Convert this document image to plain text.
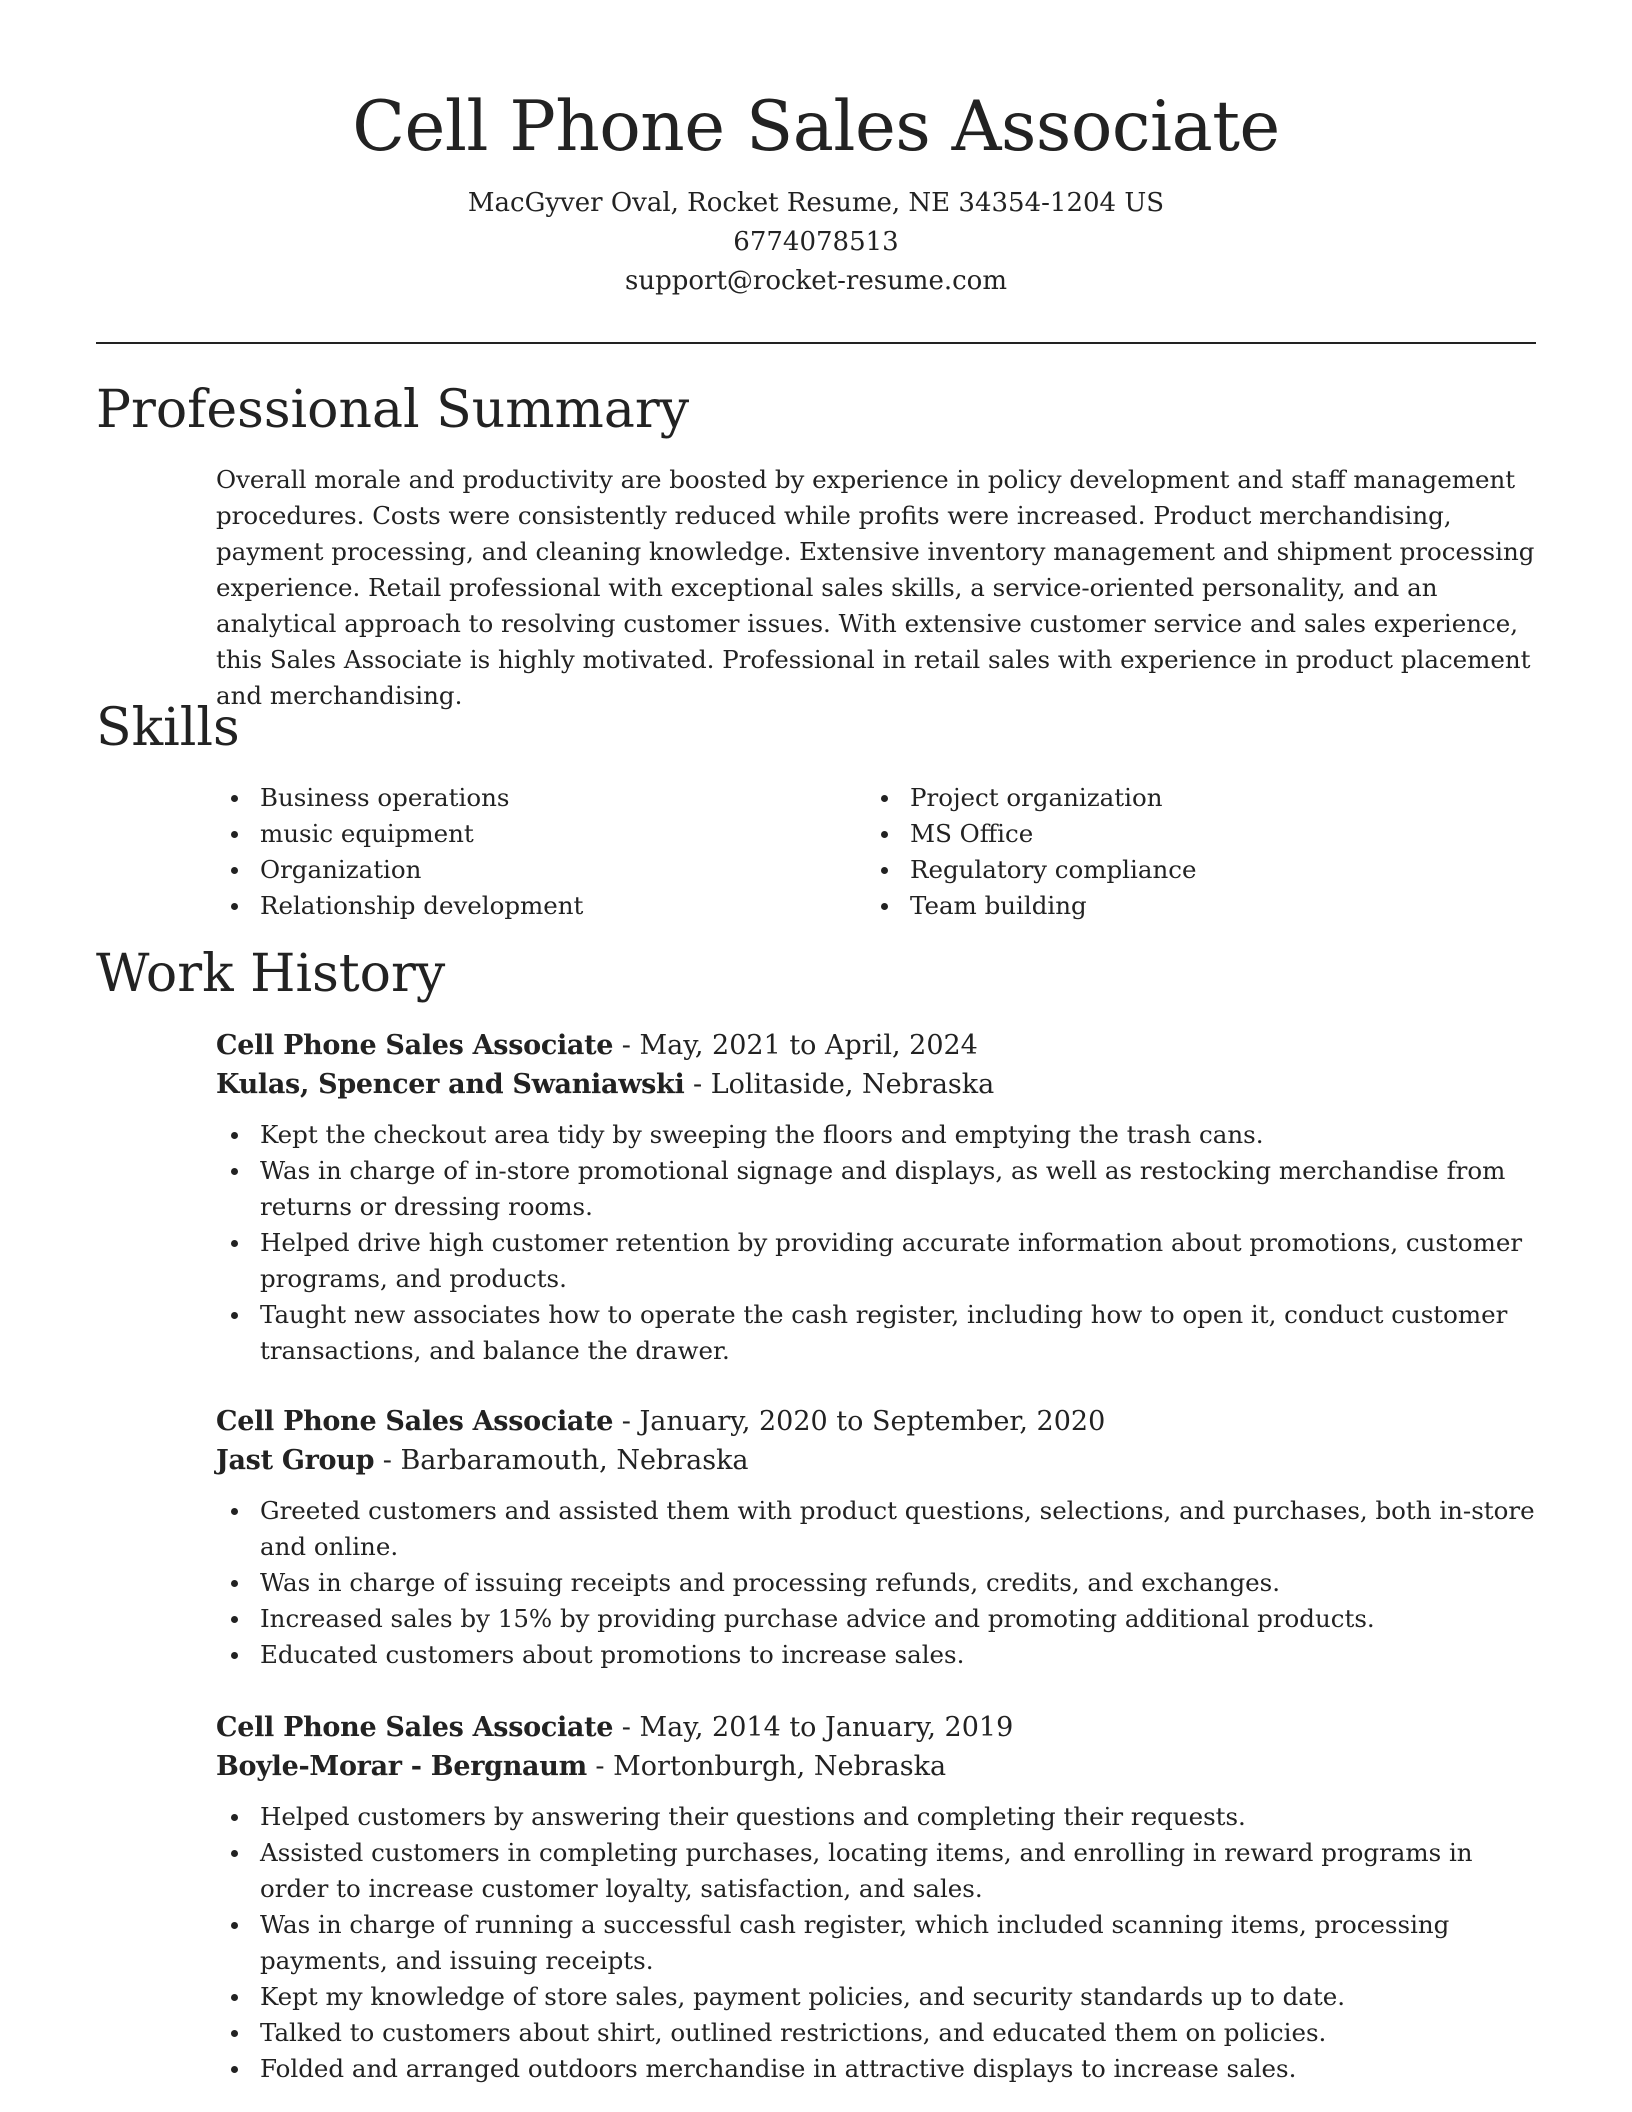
Cell Phone Sales Associate

MacGyver Oval, Rocket Resume, NE 34354-1204 US

6774078513

support@rocket-resume.com

Professional Summary

Overall morale and productivity are boosted by experience in policy development and staff management procedures. Costs were consistently reduced while profits were increased. Product merchandising, payment processing, and cleaning knowledge. Extensive inventory management and shipment processing experience. Retail professional with exceptional sales skills, a service-oriented personality, and an analytical approach to resolving customer issues. With extensive customer service and sales experience, this Sales Associate is highly motivated. Professional in retail sales with experience in product placement and merchandising.

Skills
Business operations
music equipment
Organization
Relationship development
Project organization
MS Office
Regulatory compliance
Team building
Work History
Cell Phone Sales Associate - May, 2021 to April, 2024
Kulas, Spencer and Swaniawski - Lolitaside, Nebraska
Kept the checkout area tidy by sweeping the floors and emptying the trash cans.
Was in charge of in-store promotional signage and displays, as well as restocking merchandise from returns or dressing rooms.
Helped drive high customer retention by providing accurate information about promotions, customer programs, and products.
Taught new associates how to operate the cash register, including how to open it, conduct customer transactions, and balance the drawer.
Cell Phone Sales Associate - January, 2020 to September, 2020
Jast Group - Barbaramouth, Nebraska
Greeted customers and assisted them with product questions, selections, and purchases, both in-store and online.
Was in charge of issuing receipts and processing refunds, credits, and exchanges.
Increased sales by 15% by providing purchase advice and promoting additional products.
Educated customers about promotions to increase sales.
Cell Phone Sales Associate - May, 2014 to January, 2019
Boyle-Morar - Bergnaum - Mortonburgh, Nebraska
Helped customers by answering their questions and completing their requests.
Assisted customers in completing purchases, locating items, and enrolling in reward programs in order to increase customer loyalty, satisfaction, and sales.
Was in charge of running a successful cash register, which included scanning items, processing payments, and issuing receipts.
Kept my knowledge of store sales, payment policies, and security standards up to date.
Talked to customers about shirt, outlined restrictions, and educated them on policies.
Folded and arranged outdoors merchandise in attractive displays to increase sales.
